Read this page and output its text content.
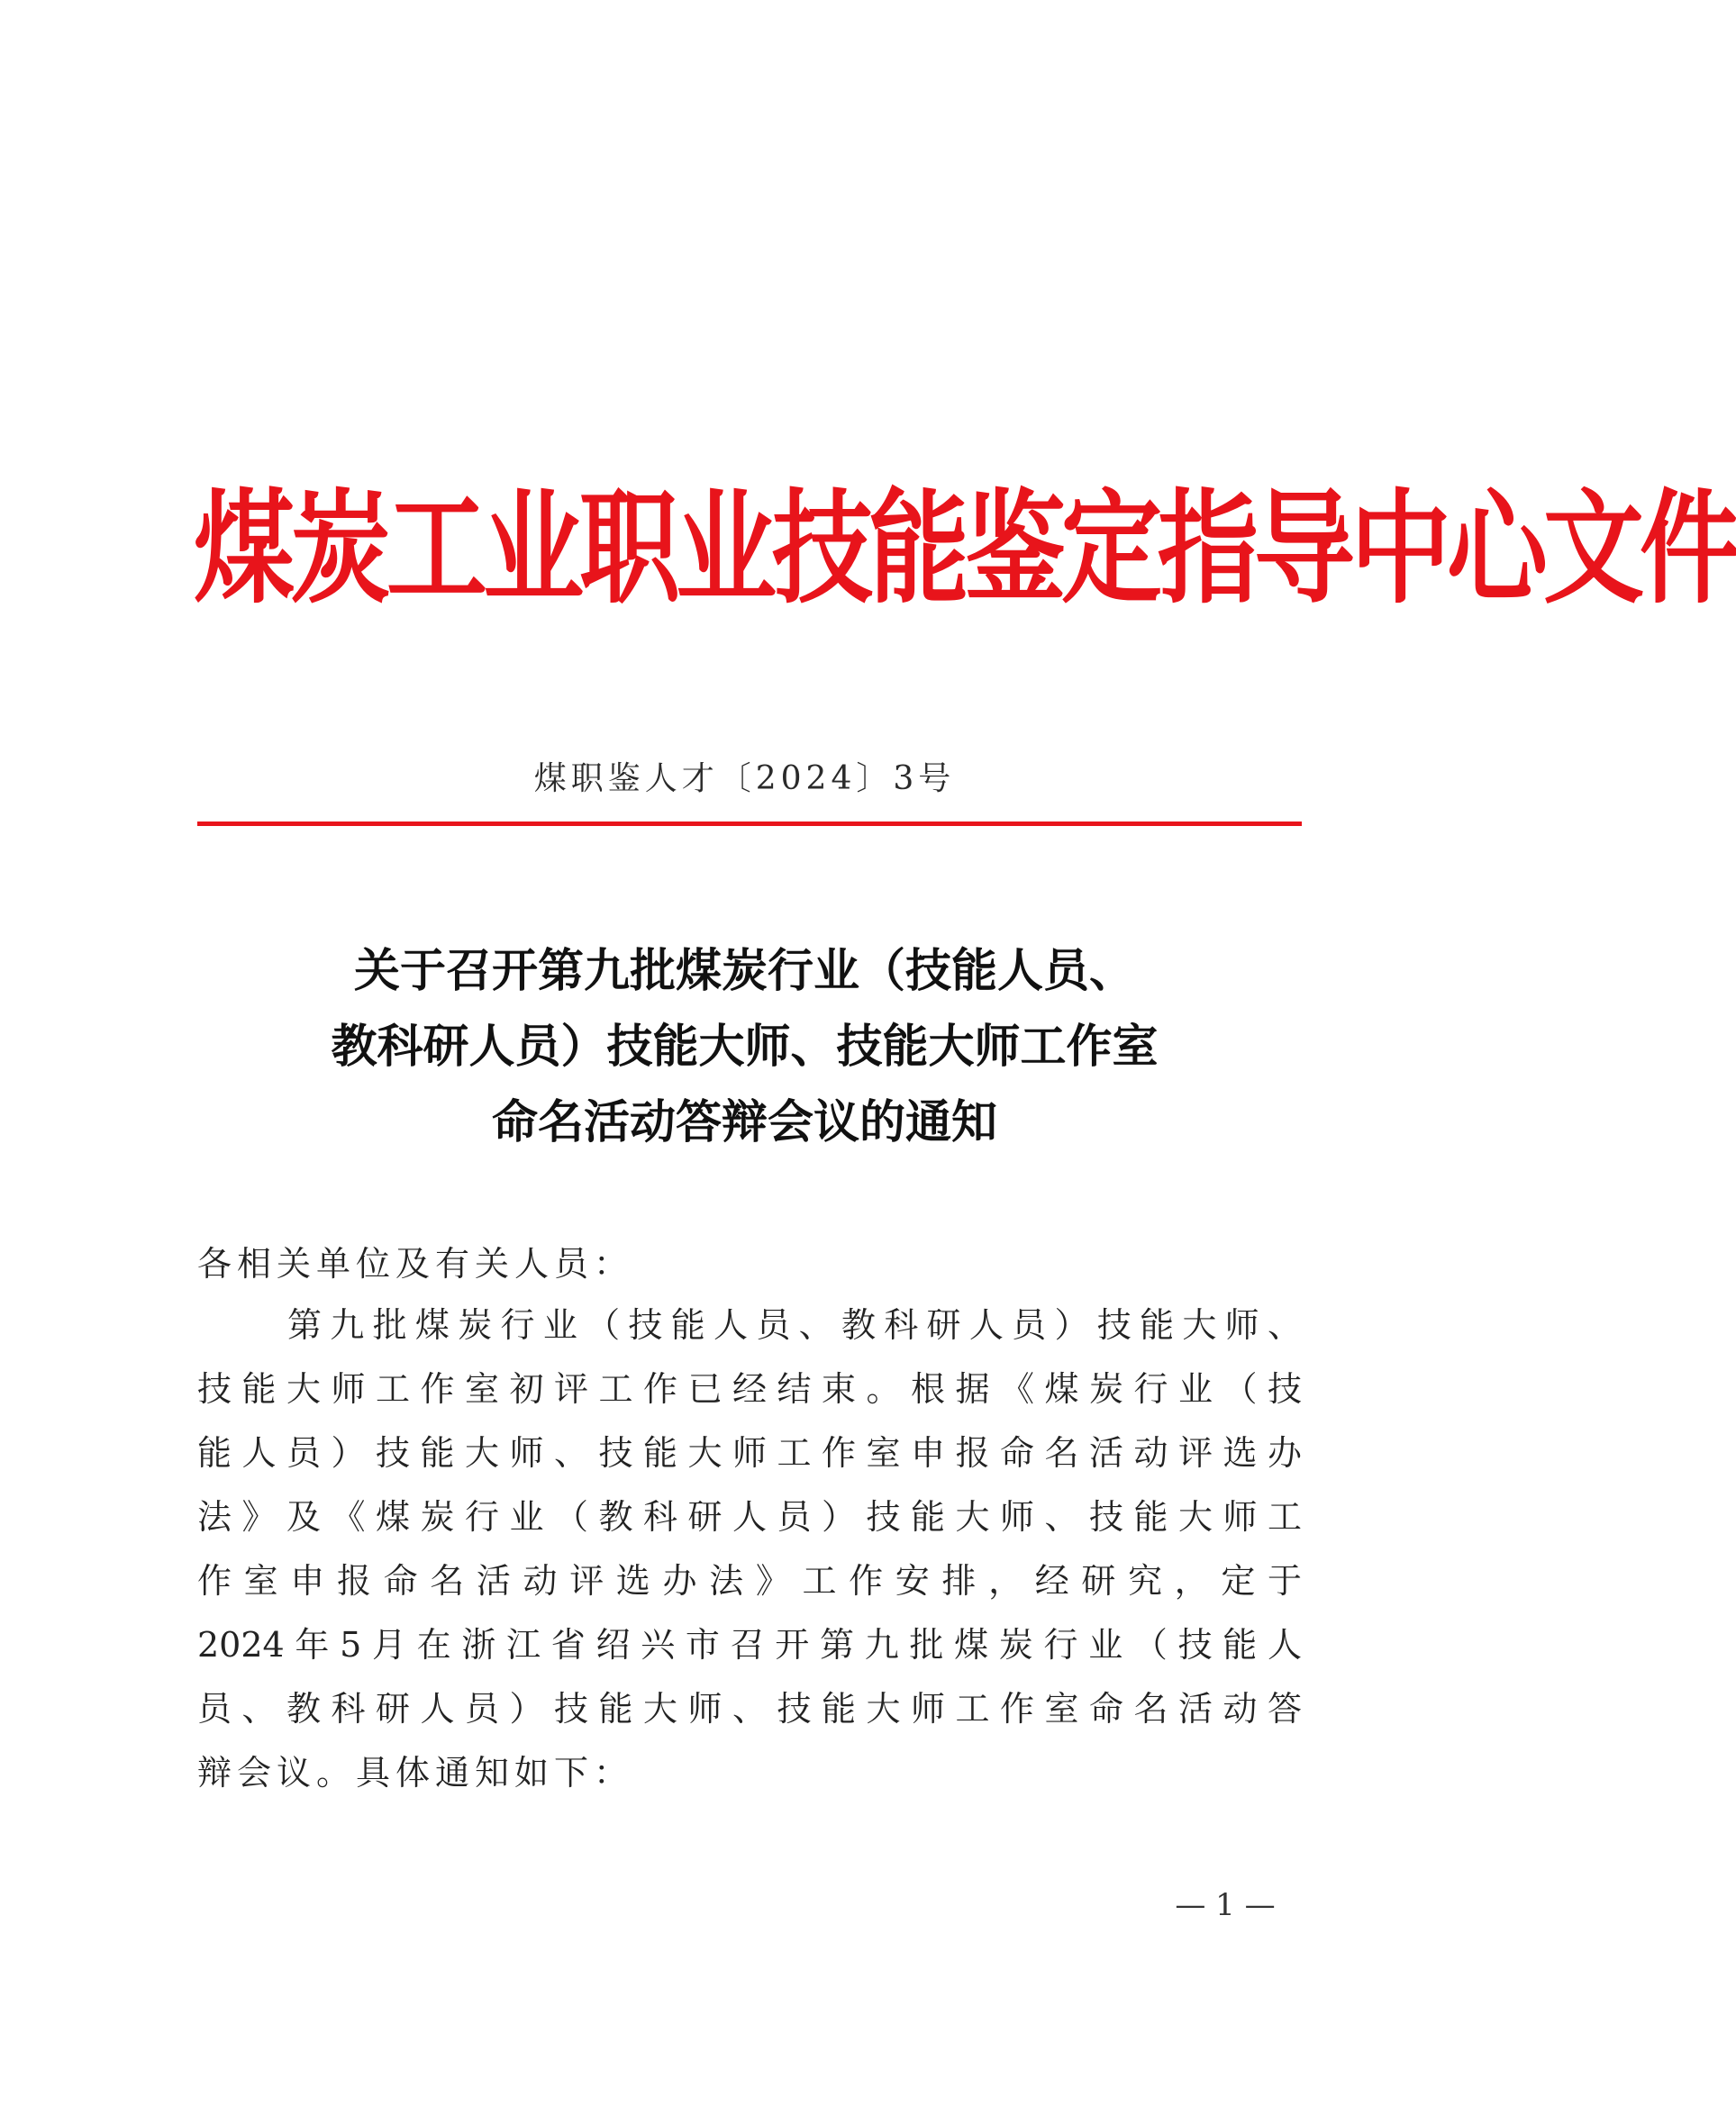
煤炭工业职业技能鉴定指导中心文件
煤职鉴人才〔2024〕3号
关于召开第九批煤炭行业（技能人员、
教科研人员）技能大师、技能大师工作室
命名活动答辩会议的通知
各相关单位及有关人员：
第九批煤炭行业（技能人员、教科研人员）技能大师、
技能大师工作室初评工作已经结束。根据《煤炭行业（技
能人员）技能大师、技能大师工作室申报命名活动评选办
法》及《煤炭行业（教科研人员）技能大师、技能大师工
作室申报命名活动评选办法》工作安排，经研究，定于
2024年5月在浙江省绍兴市召开第九批煤炭行业（技能人
员、教科研人员）技能大师、技能大师工作室命名活动答
辩会议。具体通知如下：
— 1 —
